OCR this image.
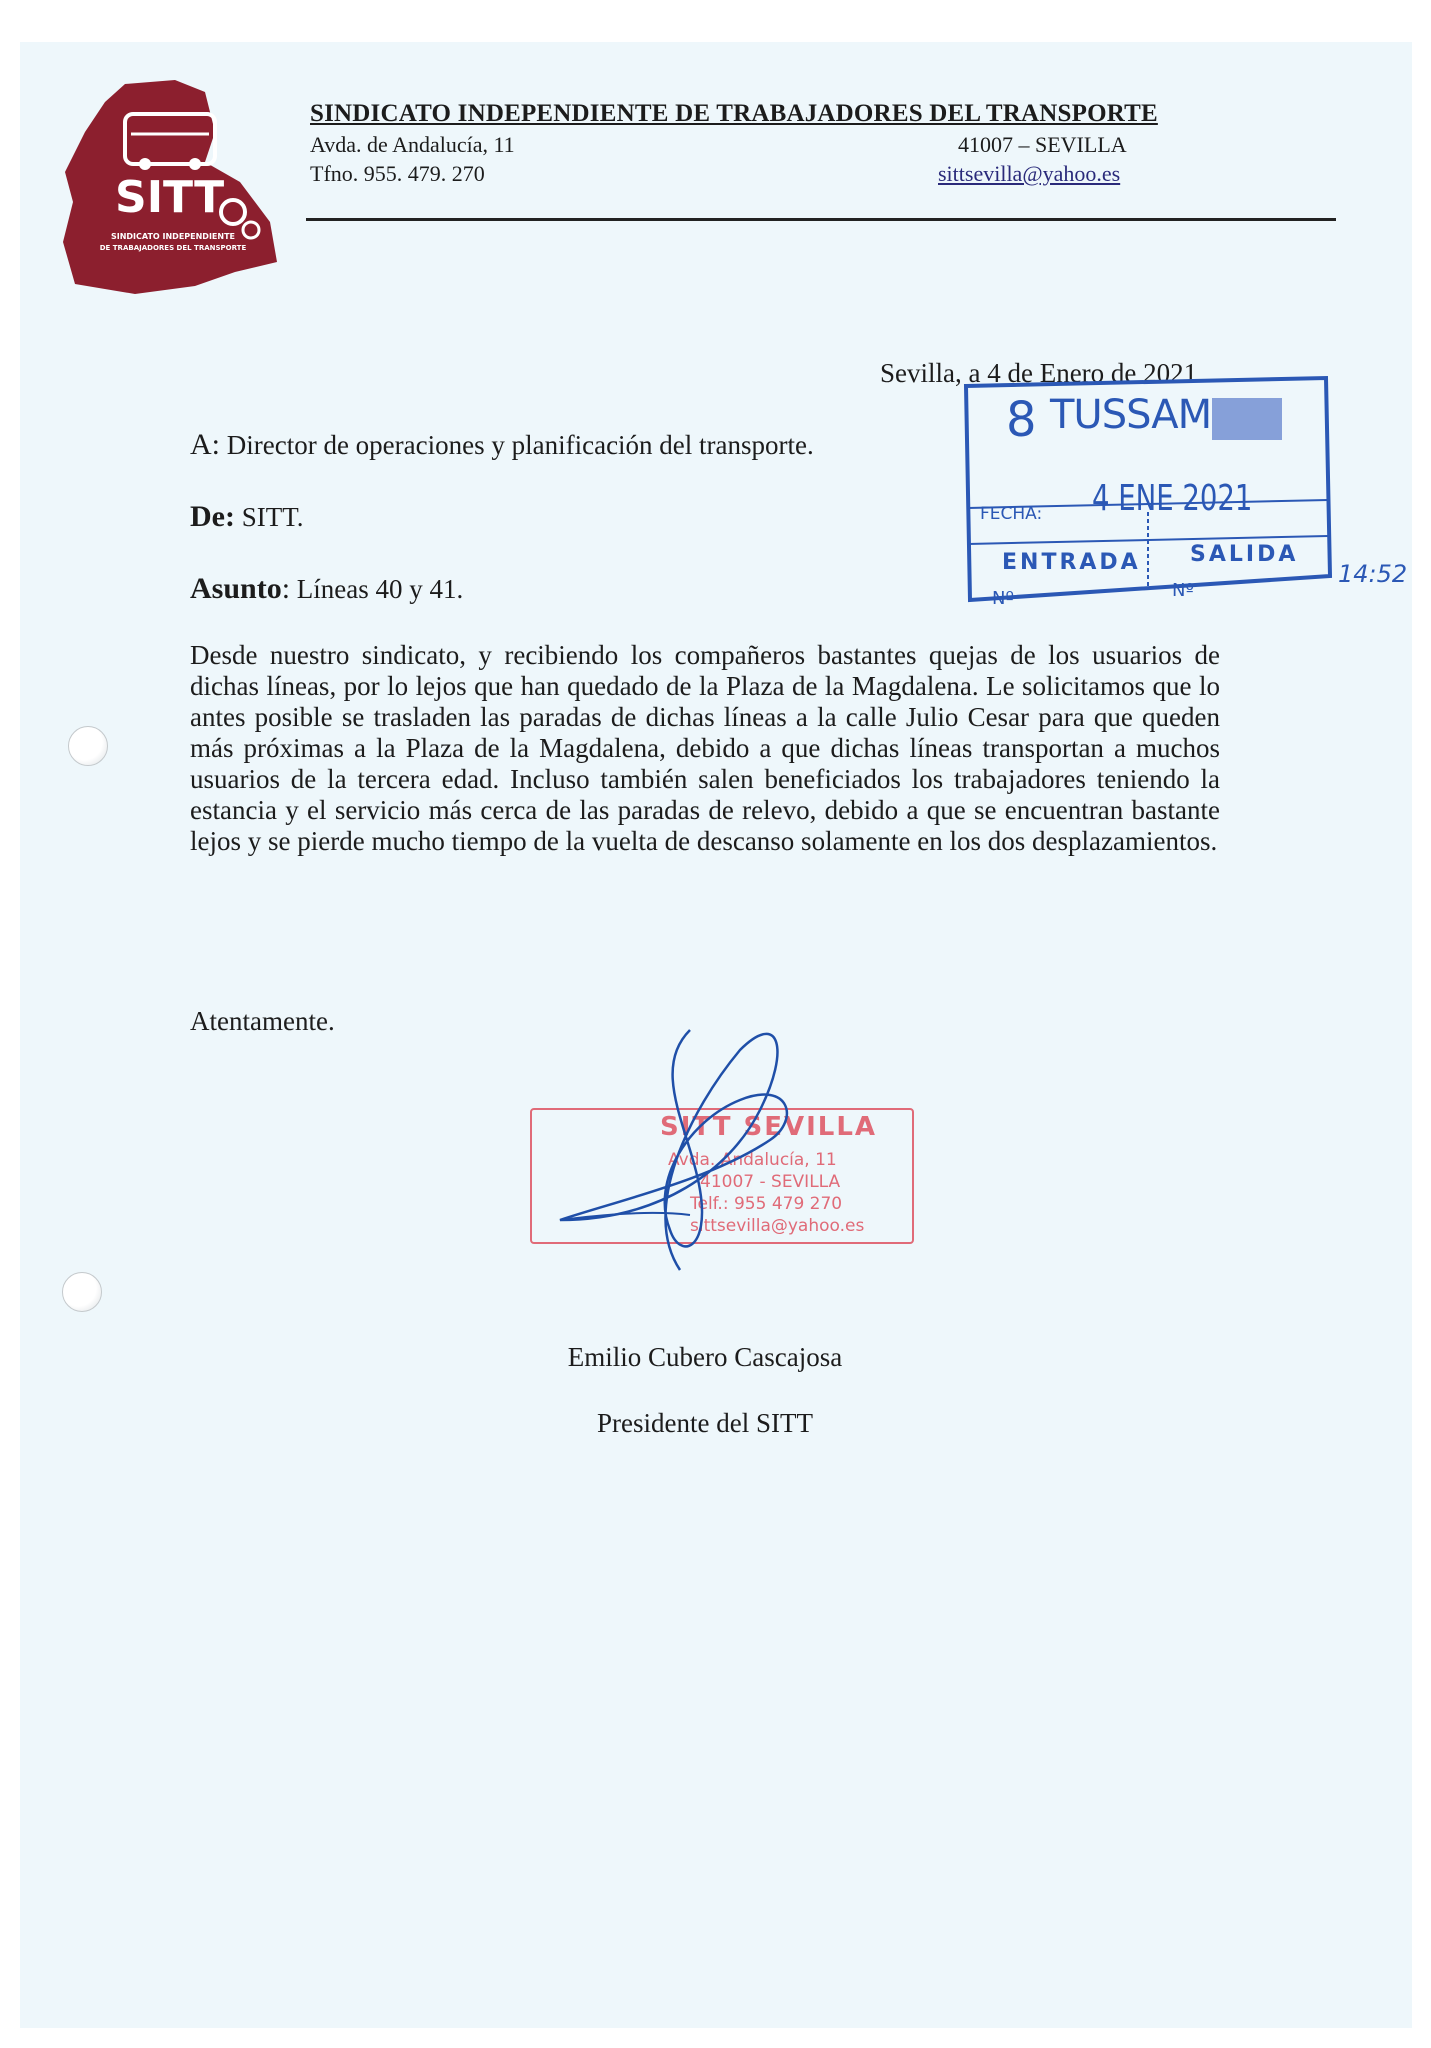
SITT
SINDICATO INDEPENDIENTE
DE TRABAJADORES DEL TRANSPORTE
SINDICATO INDEPENDIENTE DE TRABAJADORES DEL TRANSPORTE
Avda. de Andalucía, 11	41007 – SEVILLA
Tfno. 955. 479. 270	sittsevilla@yahoo.es
Sevilla, a 4 de Enero de 2021
8 TUSSAM
FECHA: 4 ENE 2021
ENTRADA SALIDA
Nº	Nº
14:52
A: Director de operaciones y planificación del transporte.
De: SITT.
Asunto: Líneas 40 y 41.
Desde nuestro sindicato, y recibiendo los compañeros bastantes quejas de los usuarios de dichas líneas, por lo lejos que han quedado de la Plaza de la Magdalena. Le solicitamos que lo antes posible se trasladen las paradas de dichas líneas a la calle Julio Cesar para que queden más próximas a la Plaza de la Magdalena, debido a que dichas líneas transportan a muchos usuarios de la tercera edad. Incluso también salen beneficiados los trabajadores teniendo la estancia y el servicio más cerca de las paradas de relevo, debido a que se encuentran bastante lejos y se pierde mucho tiempo de la vuelta de descanso solamente en los dos desplazamientos.
Atentamente.
SITT SEVILLA
Avda. Andalucía, 11
41007 - SEVILLA
Telf.: 955 479 270
sittsevilla@yahoo.es
Emilio Cubero Cascajosa
Presidente del SITT
